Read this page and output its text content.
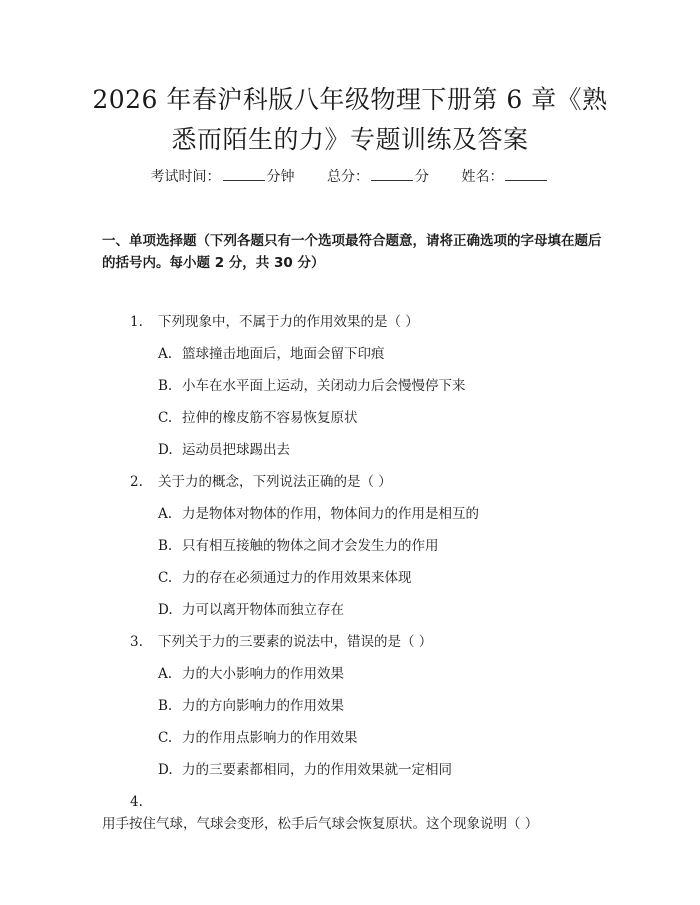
2026 年春沪科版八年级物理下册第 6 章《熟
悉而陌生的力》专题训练及答案
考试时间：	分钟 总分：	分 姓名：
一、单项选择题（下列各题只有一个选项最符合题意，请将正确选项的字母填在题后的括号内。每小题 2 分，共 30 分）
1. 下列现象中，不属于力的作用效果的是（ ）
A. 篮球撞击地面后，地面会留下印痕
B. 小车在水平面上运动，关闭动力后会慢慢停下来
C. 拉伸的橡皮筋不容易恢复原状
D. 运动员把球踢出去
2. 关于力的概念，下列说法正确的是（ ）
A. 力是物体对物体的作用，物体间力的作用是相互的
B. 只有相互接触的物体之间才会发生力的作用
C. 力的存在必须通过力的作用效果来体现
D. 力可以离开物体而独立存在
3. 下列关于力的三要素的说法中，错误的是（ ）
A. 力的大小影响力的作用效果
B. 力的方向影响力的作用效果
C. 力的作用点影响力的作用效果
D. 力的三要素都相同，力的作用效果就一定相同
4.用手按住气球，气球会变形，松手后气球会恢复原状。这个现象说明（ ）
